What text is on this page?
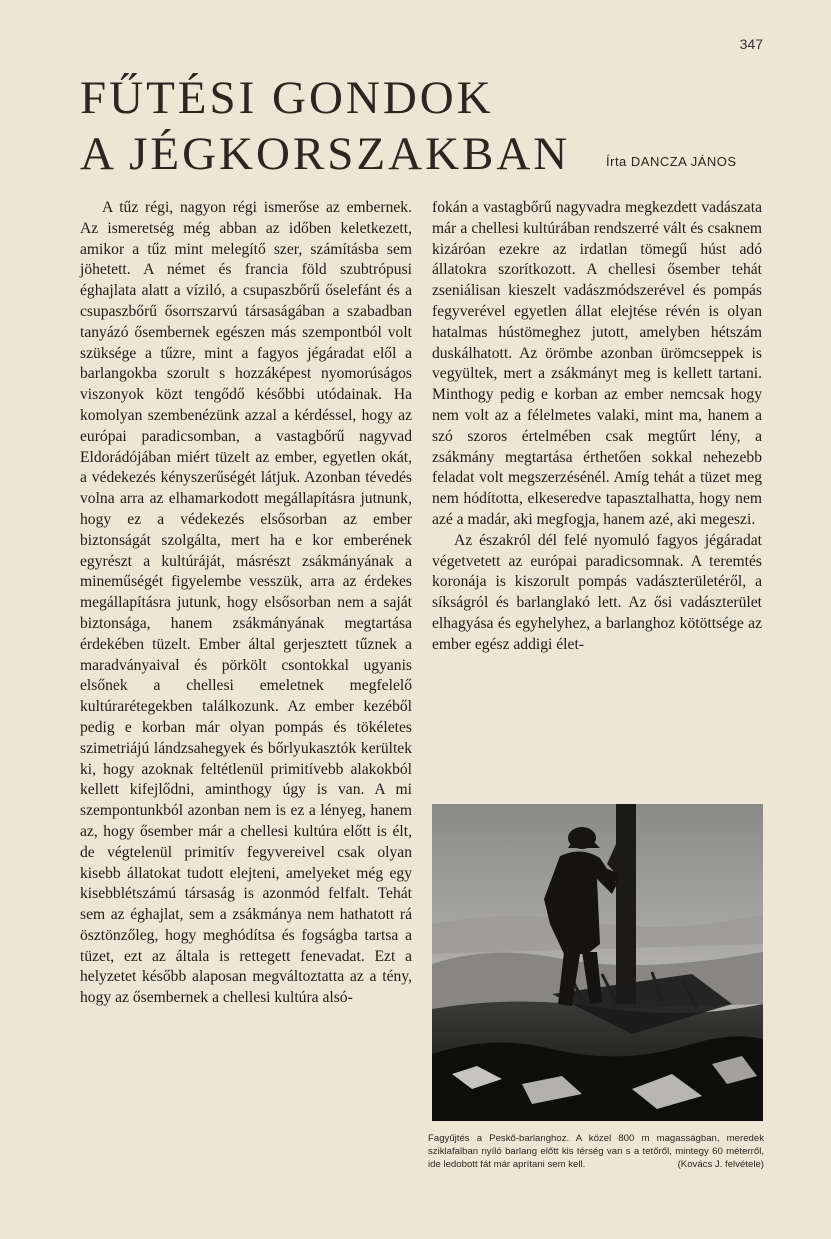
347
FŰTÉSI GONDOK
A JÉGKORSZAKBAN	Írta DANCZA JÁNOS

A tűz régi, nagyon régi ismerőse az embernek. Az ismeretség még abban az időben keletkezett, amikor a tűz mint melegítő szer, számításba sem jöhetett. A német és francia föld szubtrópusi éghajlata alatt a víziló, a csupaszbőrű őselefánt és a csupaszbőrű ősorrszarvú társaságában a szabadban tanyázó ősembernek egészen más szempontból volt szüksége a tűzre, mint a fagyos jégáradat elől a barlangokba szorult s hozzáképest nyomorúságos viszonyok közt tengődő későbbi utódainak. Ha komolyan szembenézünk azzal a kérdéssel, hogy az európai paradicsomban, a vastagbőrű nagyvad Eldorádójában miért tüzelt az ember, egyetlen okát, a védekezés kényszerűségét látjuk. Azonban tévedés volna arra az elhamarkodott megállapításra jutnunk, hogy ez a védekezés elsősorban az ember biztonságát szolgálta, mert ha e kor emberének egyrészt a kultúráját, másrészt zsákmányának a mineműségét figyelembe vesszük, arra az érdekes megállapításra jutunk, hogy elsősorban nem a saját biztonsága, hanem zsákmányának megtartása érdekében tüzelt. Ember által gerjesztett tűznek a maradványaival és pörkölt csontokkal ugyanis elsőnek a chellesi emeletnek megfelelő kultúrarétegekben találkozunk. Az ember kezéből pedig e korban már olyan pompás és tökéletes szimetriájú lándzsahegyek és bőrlyukasztók kerültek ki, hogy azoknak feltétlenül primitívebb alakokból kellett kifejlődni, aminthogy úgy is van. A mi szempontunkból azonban nem is ez a lényeg, hanem az, hogy ősember már a chellesi kultúra előtt is élt, de végtelenül primitív fegyvereivel csak olyan kisebb állatokat tudott elejteni, amelyeket még egy kisebblétszámú társaság is azonmód felfalt. Tehát sem az éghajlat, sem a zsákmánya nem hathatott rá ösztönzőleg, hogy meghódítsa és fogságba tartsa a tüzet, ezt az általa is rettegett fenevadat. Ezt a helyzetet később alaposan megváltoztatta az a tény, hogy az ősembernek a chellesi kultúra alsó-

fokán a vastagbőrű nagyvadra megkezdett vadászata már a chellesi kultúrában rendszerré vált és csaknem kizáróan ezekre az irdatlan tömegű húst adó állatokra szorítkozott. A chellesi ősember tehát zseniálisan kieszelt vadászmódszerével és pompás fegyverével egyetlen állat elejtése révén is olyan hatalmas hústömeghez jutott, amelyben hétszám duskálhatott. Az örömbe azonban ürömcseppek is vegyültek, mert a zsákmányt meg is kellett tartani. Minthogy pedig e korban az ember nemcsak hogy nem volt az a félelmetes valaki, mint ma, hanem a szó szoros értelmében csak megtűrt lény, a zsákmány megtartása érthetően sokkal nehezebb feladat volt megszerzésénél. Amíg tehát a tüzet meg nem hódította, elkeseredve tapasztalhatta, hogy nem azé a madár, aki megfogja, hanem azé, aki megeszi.

Az északról dél felé nyomuló fagyos jégáradat végetvetett az európai paradicsomnak. A teremtés koronája is kiszorult pompás vadászterületéről, a síkságról és barlanglakó lett. Az ősi vadászterület elhagyása és egyhelyhez, a barlanghoz kötöttsége az ember egész addigi élet-

Fagyűjtés a Peskő-barlanghoz. A közel 800 m magasságban, meredek sziklafalban nyíló barlang előtt kis térség van s a tetőről, mintegy 60 méterről, ide ledobott fát már aprítani sem kell.	(Kovács J. felvétele)
